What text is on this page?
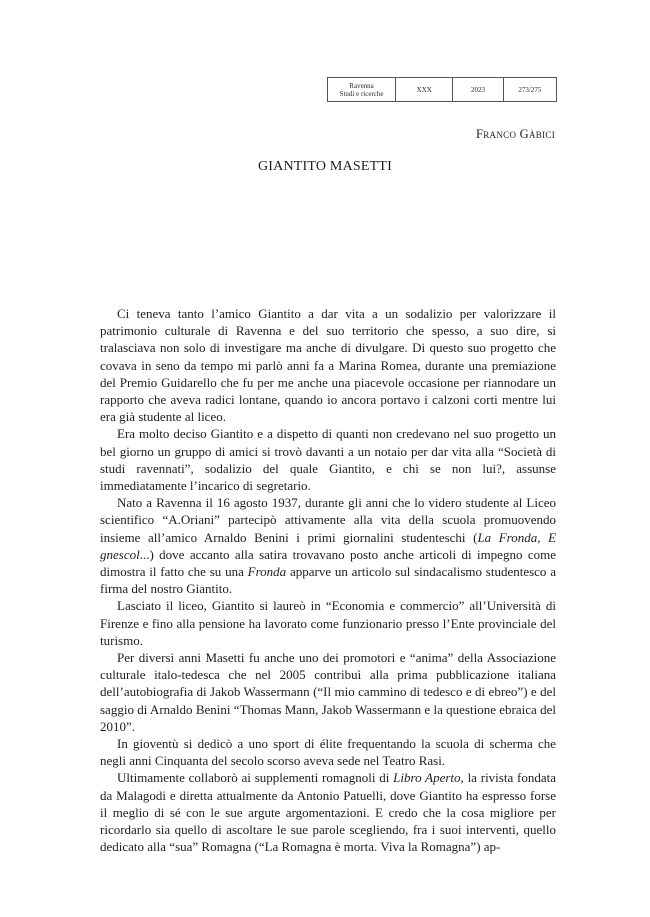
Ravenna
Studi e ricerche	XXX	2023	273/275
Franco Gàbici
GIANTITO MASETTI

Ci teneva tanto l’amico Giantito a dar vita a un sodalizio per valorizzare il patrimonio culturale di Ravenna e del suo territorio che spesso, a suo dire, si tralasciava non solo di investigare ma anche di divulgare. Di questo suo progetto che covava in seno da tempo mi parlò anni fa a Marina Romea, durante una premiazione del Premio Guidarello che fu per me anche una piacevole occasione per riannodare un rapporto che aveva radici lontane, quando io ancora portavo i calzoni corti mentre lui era già studente al liceo.

Era molto deciso Giantito e a dispetto di quanti non credevano nel suo progetto un bel giorno un gruppo di amici si trovò davanti a un notaio per dar vita alla “Società di studi ravennati”, sodalizio del quale Giantito, e chi se non lui?, assunse immediatamente l’incarico di segretario.

Nato a Ravenna il 16 agosto 1937, durante gli anni che lo videro studente al Liceo scientifico “A.Oriani” partecipò attivamente alla vita della scuola promuovendo insieme all’amico Arnaldo Benini i primi giornalini studenteschi (La Fronda, E gnescol...) dove accanto alla satira trovavano posto anche articoli di impegno come dimostra il fatto che su una Fronda apparve un articolo sul sindacalismo studentesco a firma del nostro Giantito.

Lasciato il liceo, Giantito si laureò in “Economia e commercio” all’Università di Firenze e fino alla pensione ha lavorato come funzionario presso l’Ente provinciale del turismo.

Per diversi anni Masetti fu anche uno dei promotori e “anima” della Associazione culturale italo-tedesca che nel 2005 contribuì alla prima pubblicazione italiana dell’autobiografia di Jakob Wassermann (“Il mio cammino di tedesco e di ebreo”) e del saggio di Arnaldo Benini “Thomas Mann, Jakob Wassermann e la questione ebraica del 2010”.

In gioventù si dedicò a uno sport di élite frequentando la scuola di scherma che negli anni Cinquanta del secolo scorso aveva sede nel Teatro Rasi.

Ultimamente collaborò ai supplementi romagnoli di Libro Aperto, la rivista fondata da Malagodi e diretta attualmente da Antonio Patuelli, dove Giantito ha espresso forse il meglio di sé con le sue argute argomentazioni. E credo che la cosa migliore per ricordarlo sia quello di ascoltare le sue parole scegliendo, fra i suoi interventi, quello dedicato alla “sua” Romagna (“La Romagna è morta. Viva la Romagna”) ap-
